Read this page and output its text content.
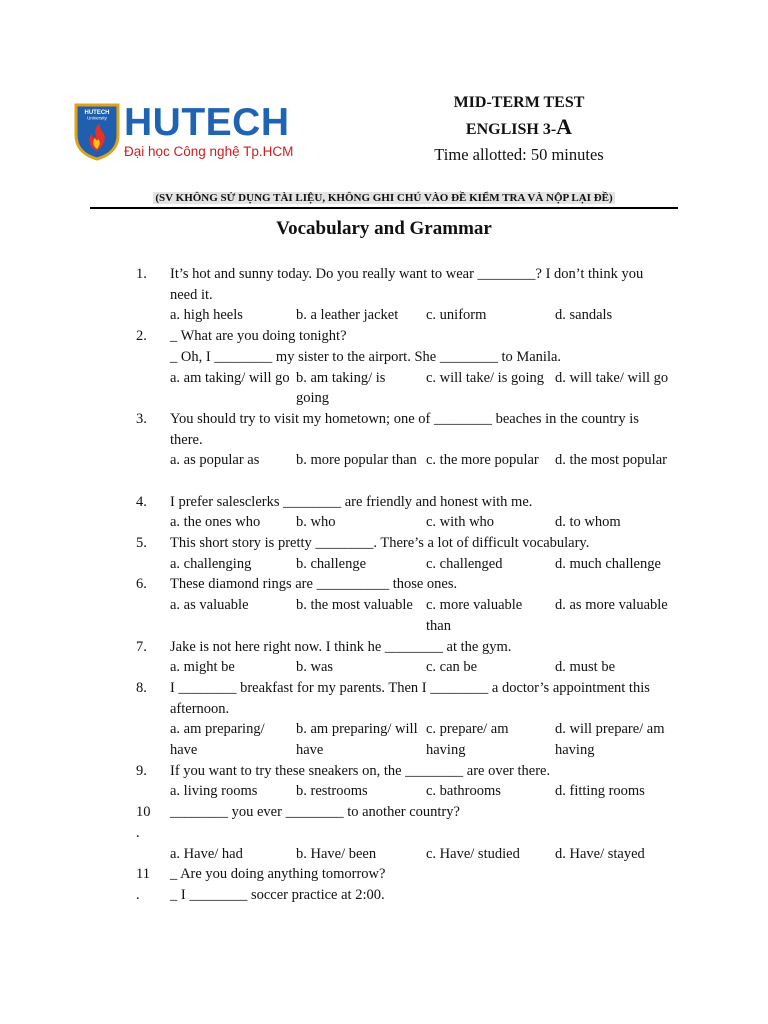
HUTECH
University HUTECH
Đại học Công nghệ Tp.HCM
MID-TERM TEST
ENGLISH 3-A
Time allotted: 50 minutes
(SV KHÔNG SỬ DỤNG TÀI LIỆU, KHÔNG GHI CHÚ VÀO ĐỀ KIỂM TRA VÀ NỘP LẠI ĐỀ)
Vocabulary and Grammar
1.	It’s hot and sunny today. Do you really want to wear ________? I don’t think you need it.
a. high heels	b. a leather jacket	c. uniform	d. sandals
2.	_ What are you doing tonight?
_ Oh, I ________ my sister to the airport. She ________ to Manila.
a. am taking/ will go b. am taking/ is going
c. will take/ is going d. will take/ will go
3.	You should try to visit my hometown; one of ________ beaches in the country is there.
a. as popular as	b. more popular than c. the more popular	d. the most popular
4.	I prefer salesclerks ________ are friendly and honest with me.
a. the ones who	b. who	c. with who	d. to whom
5.	This short story is pretty ________. There’s a lot of difficult vocabulary.
a. challenging	b. challenge	c. challenged	d. much challenge
6.	These diamond rings are __________ those ones.
a. as valuable	b. the most valuable c. more valuable than
d. as more valuable
7.	Jake is not here right now. I think he ________ at the gym.
a. might be	b. was	c. can be	d. must be
8.	I ________ breakfast for my parents. Then I ________ a doctor’s appointment this afternoon.
a. am preparing/ have
b. am preparing/ will have
c. prepare/ am having
d. will prepare/ am having
9.	If you want to try these sneakers on, the ________ are over there.
a. living rooms	b. restrooms	c. bathrooms	d. fitting rooms
10	________ you ever ________ to another country?
.
a. Have/ had	b. Have/ been	c. Have/ studied	d. Have/ stayed
11	_ Are you doing anything tomorrow?
. _ I ________ soccer practice at 2:00.
